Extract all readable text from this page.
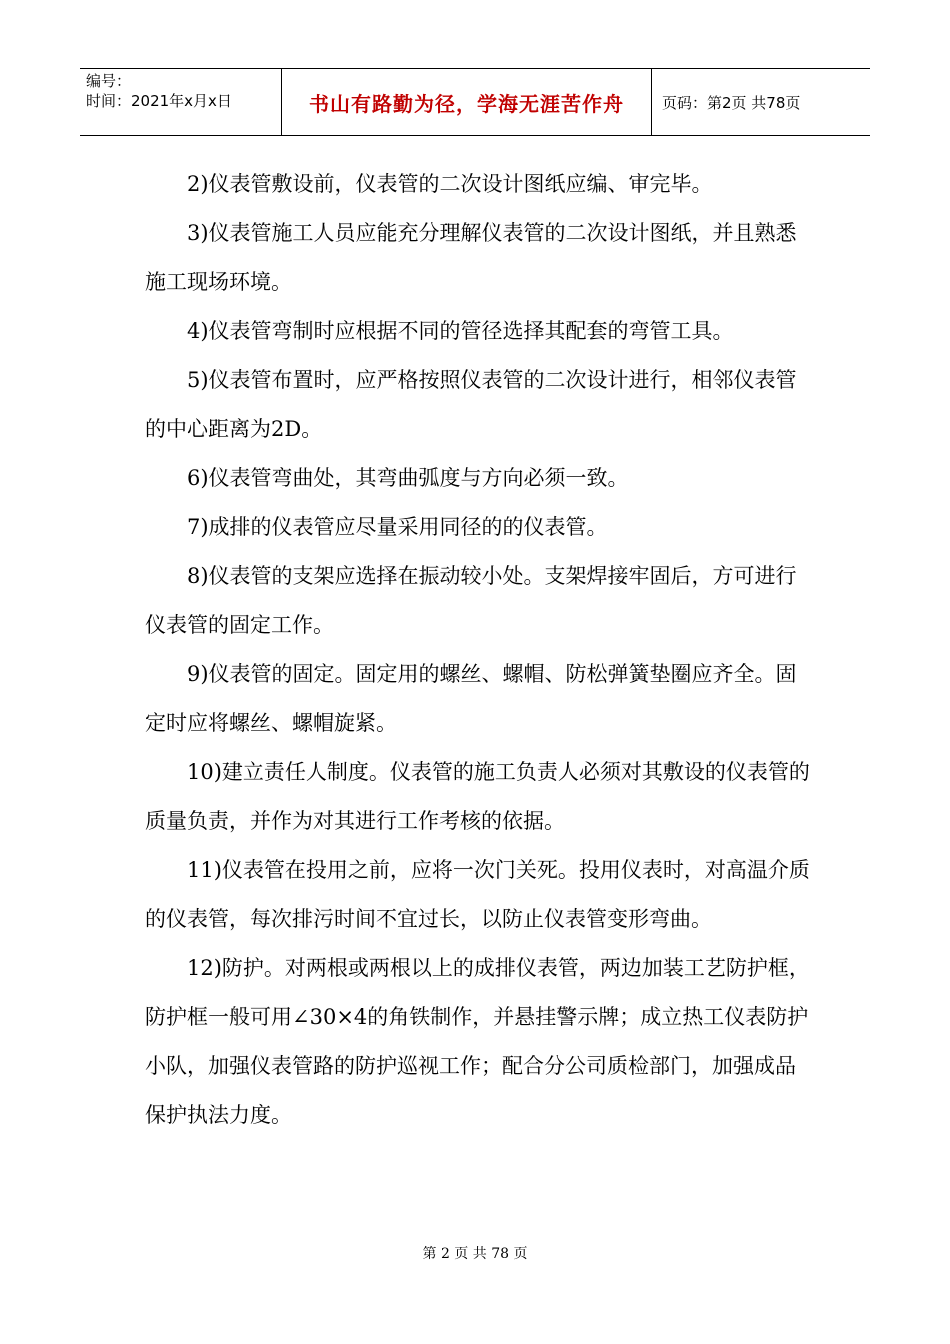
编号：
时间：2021年x月x日	书山有路勤为径，学海无涯苦作舟	页码：第2页 共78页

2)仪表管敷设前，仪表管的二次设计图纸应编、审完毕。

3)仪表管施工人员应能充分理解仪表管的二次设计图纸，并且熟悉施工现场环境。

4)仪表管弯制时应根据不同的管径选择其配套的弯管工具。

5)仪表管布置时，应严格按照仪表管的二次设计进行，相邻仪表管的中心距离为2D。

6)仪表管弯曲处，其弯曲弧度与方向必须一致。

7)成排的仪表管应尽量采用同径的的仪表管。

8)仪表管的支架应选择在振动较小处。支架焊接牢固后，方可进行仪表管的固定工作。

9)仪表管的固定。固定用的螺丝、螺帽、防松弹簧垫圈应齐全。固定时应将螺丝、螺帽旋紧。

10)建立责任人制度。仪表管的施工负责人必须对其敷设的仪表管的质量负责，并作为对其进行工作考核的依据。

11)仪表管在投用之前，应将一次门关死。投用仪表时，对高温介质的仪表管，每次排污时间不宜过长，以防止仪表管变形弯曲。

12)防护。对两根或两根以上的成排仪表管，两边加装工艺防护框，防护框一般可用∠30×4的角铁制作，并悬挂警示牌；成立热工仪表防护小队，加强仪表管路的防护巡视工作；配合分公司质检部门，加强成品保护执法力度。

第 2 页 共 78 页
